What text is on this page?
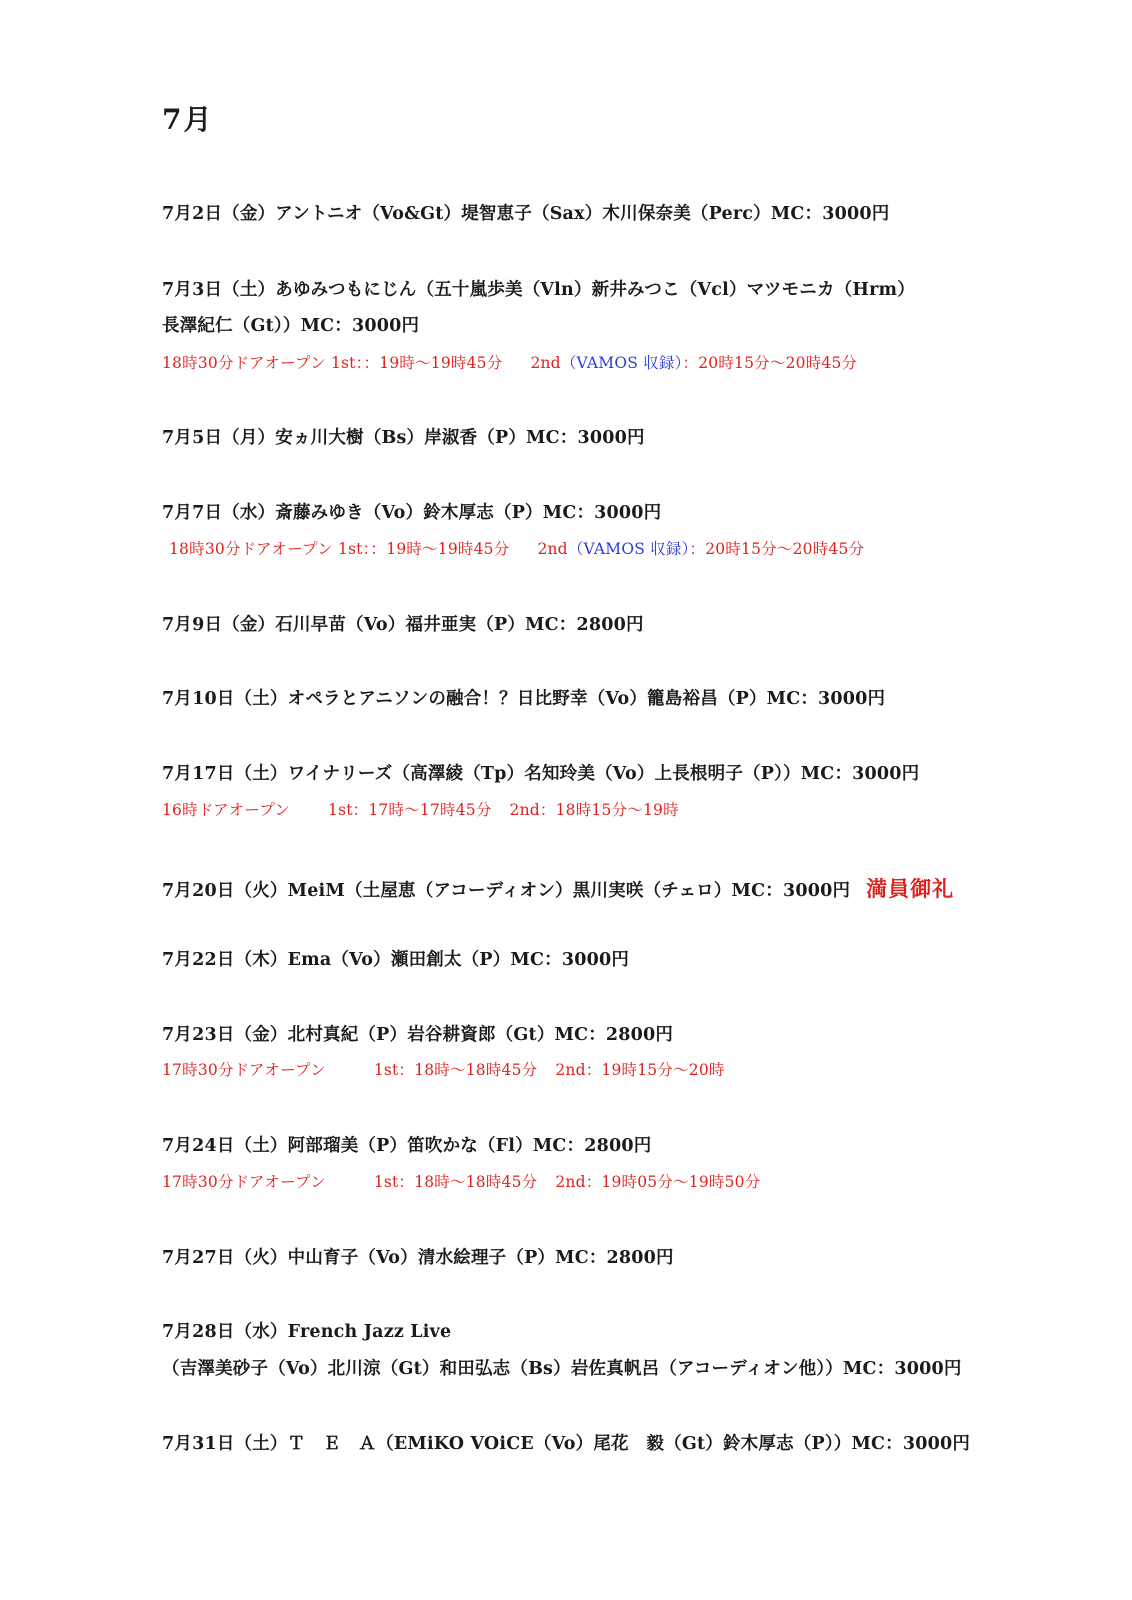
7月
7月2日（金）アントニオ（Vo&Gt）堤智恵子（Sax）木川保奈美（Perc）MC：3000円
7月3日（土）あゆみつもにじん（五十嵐歩美（Vln）新井みつこ（Vcl）マツモニカ（Hrm）
長澤紀仁（Gt））MC：3000円
18時30分ドアオープン 1st：：19時〜19時45分 2nd（VAMOS 収録）：20時15分〜20時45分
7月5日（月）安ヵ川大樹（Bs）岸淑香（P）MC：3000円
7月7日（水）斎藤みゆき（Vo）鈴木厚志（P）MC：3000円
18時30分ドアオープン 1st：：19時〜19時45分 2nd（VAMOS 収録）：20時15分〜20時45分
7月9日（金）石川早苗（Vo）福井亜実（P）MC：2800円
7月10日（土）オペラとアニソンの融合！？日比野幸（Vo）籠島裕昌（P）MC：3000円
7月17日（土）ワイナリーズ（高澤綾（Tp）名知玲美（Vo）上長根明子（P））MC：3000円
16時ドアオープン 1st：17時〜17時45分 2nd：18時15分〜19時
7月20日（火）MeiM（土屋恵（アコーディオン）黒川実咲（チェロ）MC：3000円 満員御礼
7月22日（木）Ema（Vo）瀬田創太（P）MC：3000円
7月23日（金）北村真紀（P）岩谷耕資郎（Gt）MC：2800円
17時30分ドアオープン	1st：18時〜18時45分 2nd：19時15分〜20時
7月24日（土）阿部瑠美（P）笛吹かな（Fl）MC：2800円
17時30分ドアオープン	1st：18時〜18時45分 2nd：19時05分〜19時50分
7月27日（火）中山育子（Vo）清水絵理子（P）MC：2800円
7月28日（水）French Jazz Live
（吉澤美砂子（Vo）北川涼（Gt）和田弘志（Bs）岩佐真帆呂（アコーディオン他））MC：3000円
7月31日（土）Ｔ　Ｅ　Ａ（EMiKO VOiCE（Vo）尾花　毅（Gt）鈴木厚志（P））MC：3000円
